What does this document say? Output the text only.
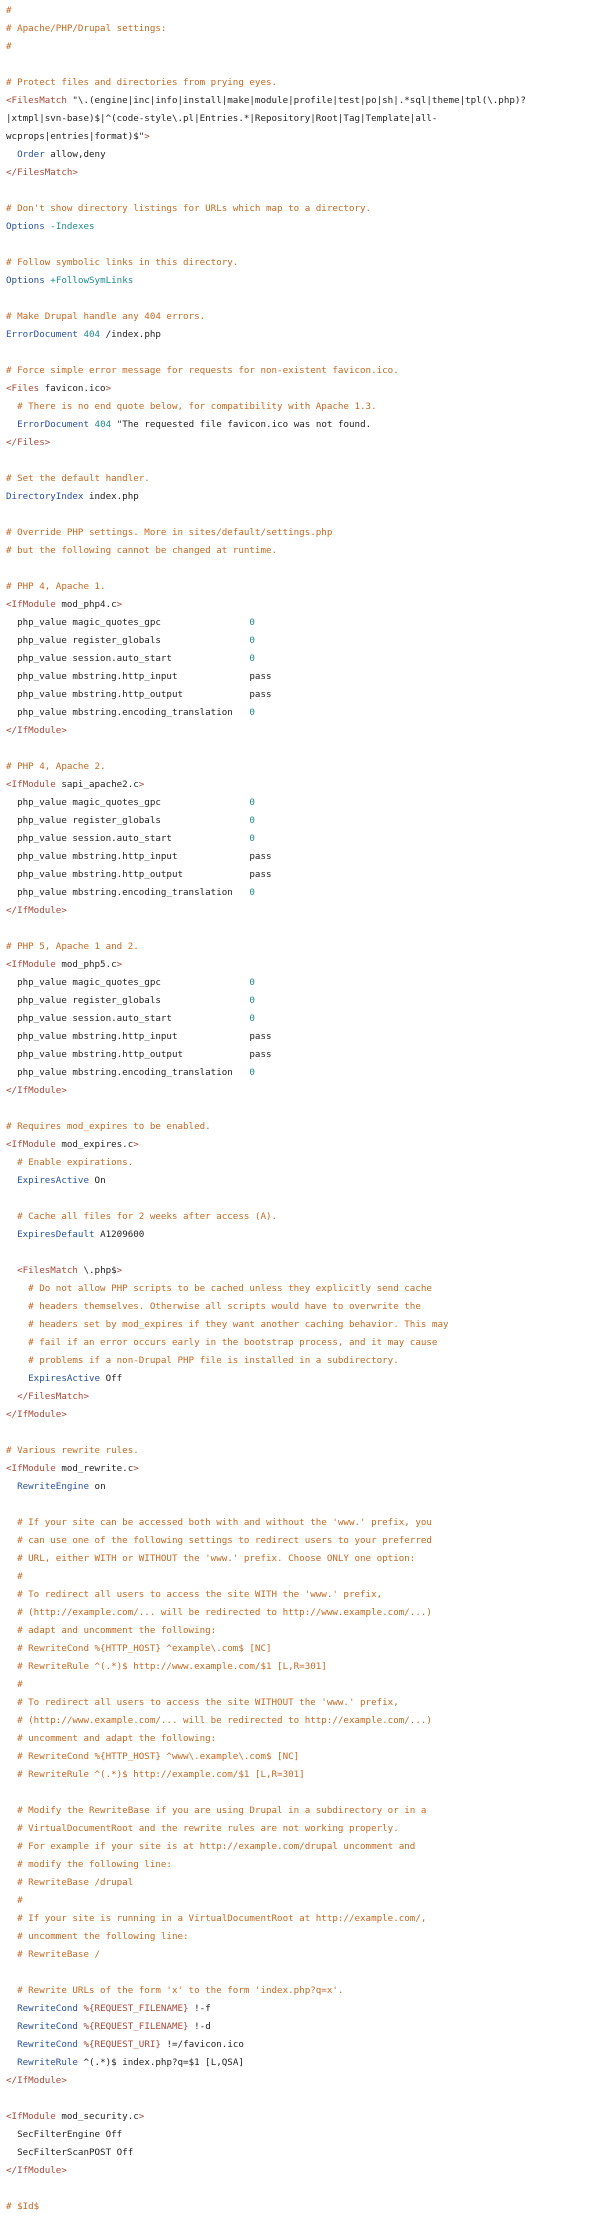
#
# Apache/PHP/Drupal settings:
#
# Protect files and directories from prying eyes.
<FilesMatch "\.(engine|inc|info|install|make|module|profile|test|po|sh|.*sql|theme|tpl(\.php)?
|xtmpl|svn-base)$|^(code-style\.pl|Entries.*|Repository|Root|Tag|Template|all-
wcprops|entries|format)$">
Order allow,deny
</FilesMatch>
# Don't show directory listings for URLs which map to a directory.
Options -Indexes
# Follow symbolic links in this directory.
Options +FollowSymLinks
# Make Drupal handle any 404 errors.
ErrorDocument 404 /index.php
# Force simple error message for requests for non-existent favicon.ico.
<Files favicon.ico>
# There is no end quote below, for compatibility with Apache 1.3.
ErrorDocument 404 "The requested file favicon.ico was not found.
</Files>
# Set the default handler.
DirectoryIndex index.php
# Override PHP settings. More in sites/default/settings.php
# but the following cannot be changed at runtime.
# PHP 4, Apache 1.
<IfModule mod_php4.c>
php_value magic_quotes_gpc                0
php_value register_globals                0
php_value session.auto_start              0
php_value mbstring.http_input             pass
php_value mbstring.http_output            pass
php_value mbstring.encoding_translation   0
</IfModule>
# PHP 4, Apache 2.
<IfModule sapi_apache2.c>
php_value magic_quotes_gpc                0
php_value register_globals                0
php_value session.auto_start              0
php_value mbstring.http_input             pass
php_value mbstring.http_output            pass
php_value mbstring.encoding_translation   0
</IfModule>
# PHP 5, Apache 1 and 2.
<IfModule mod_php5.c>
php_value magic_quotes_gpc                0
php_value register_globals                0
php_value session.auto_start              0
php_value mbstring.http_input             pass
php_value mbstring.http_output            pass
php_value mbstring.encoding_translation   0
</IfModule>
# Requires mod_expires to be enabled.
<IfModule mod_expires.c>
# Enable expirations.
ExpiresActive On
# Cache all files for 2 weeks after access (A).
ExpiresDefault A1209600
<FilesMatch \.php$>
# Do not allow PHP scripts to be cached unless they explicitly send cache
# headers themselves. Otherwise all scripts would have to overwrite the
# headers set by mod_expires if they want another caching behavior. This may
# fail if an error occurs early in the bootstrap process, and it may cause
# problems if a non-Drupal PHP file is installed in a subdirectory.
ExpiresActive Off
</FilesMatch>
</IfModule>
# Various rewrite rules.
<IfModule mod_rewrite.c>
RewriteEngine on
# If your site can be accessed both with and without the 'www.' prefix, you
# can use one of the following settings to redirect users to your preferred
# URL, either WITH or WITHOUT the 'www.' prefix. Choose ONLY one option:
#
# To redirect all users to access the site WITH the 'www.' prefix,
# (http://example.com/... will be redirected to http://www.example.com/...)
# adapt and uncomment the following:
# RewriteCond %{HTTP_HOST} ^example\.com$ [NC]
# RewriteRule ^(.*)$ http://www.example.com/$1 [L,R=301]
#
# To redirect all users to access the site WITHOUT the 'www.' prefix,
# (http://www.example.com/... will be redirected to http://example.com/...)
# uncomment and adapt the following:
# RewriteCond %{HTTP_HOST} ^www\.example\.com$ [NC]
# RewriteRule ^(.*)$ http://example.com/$1 [L,R=301]
# Modify the RewriteBase if you are using Drupal in a subdirectory or in a
# VirtualDocumentRoot and the rewrite rules are not working properly.
# For example if your site is at http://example.com/drupal uncomment and
# modify the following line:
# RewriteBase /drupal
#
# If your site is running in a VirtualDocumentRoot at http://example.com/,
# uncomment the following line:
# RewriteBase /
# Rewrite URLs of the form 'x' to the form 'index.php?q=x'.
RewriteCond %{REQUEST_FILENAME} !-f
RewriteCond %{REQUEST_FILENAME} !-d
RewriteCond %{REQUEST_URI} !=/favicon.ico
RewriteRule ^(.*)$ index.php?q=$1 [L,QSA]
</IfModule>
<IfModule mod_security.c>
SecFilterEngine Off
SecFilterScanPOST Off
</IfModule>
# $Id$
